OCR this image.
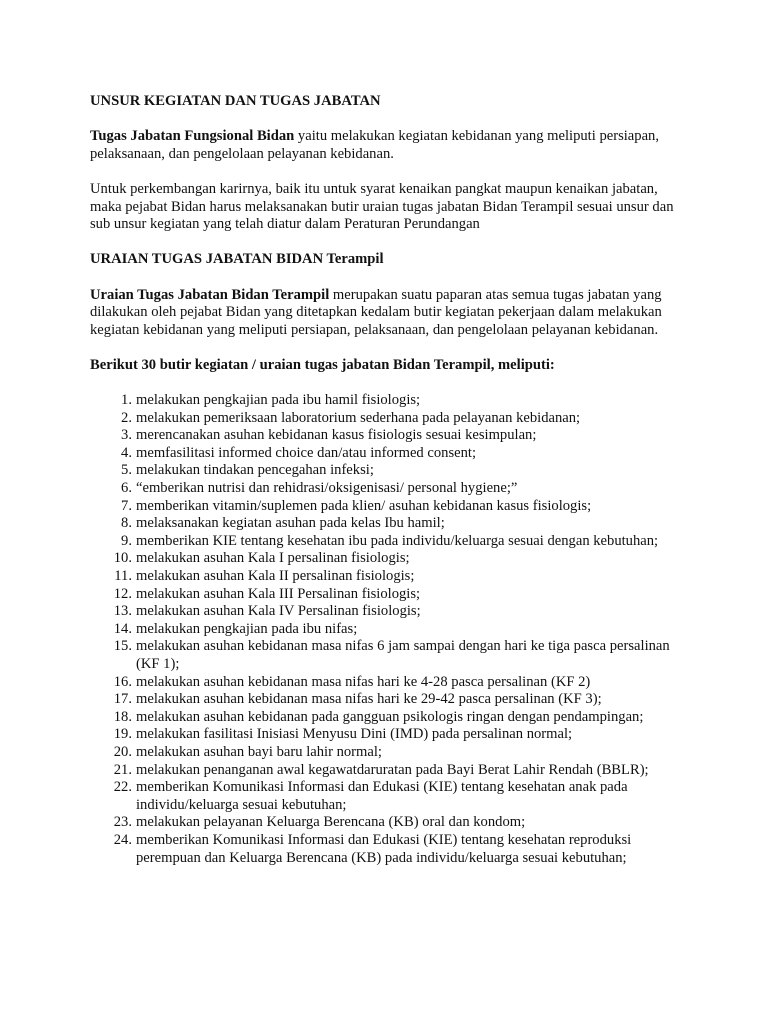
UNSUR KEGIATAN DAN TUGAS JABATAN

Tugas Jabatan Fungsional Bidan yaitu melakukan kegiatan kebidanan yang meliputi persiapan, pelaksanaan, dan pengelolaan pelayanan kebidanan.

Untuk perkembangan karirnya, baik itu untuk syarat kenaikan pangkat maupun kenaikan jabatan, maka pejabat Bidan harus melaksanakan butir uraian tugas jabatan Bidan Terampil sesuai unsur dan sub unsur kegiatan yang telah diatur dalam Peraturan Perundangan

URAIAN TUGAS JABATAN BIDAN Terampil

Uraian Tugas Jabatan Bidan Terampil merupakan suatu paparan atas semua tugas jabatan yang dilakukan oleh pejabat Bidan yang ditetapkan kedalam butir kegiatan pekerjaan dalam melakukan kegiatan kebidanan yang meliputi persiapan, pelaksanaan, dan pengelolaan pelayanan kebidanan.

Berikut 30 butir kegiatan / uraian tugas jabatan Bidan Terampil, meliputi:

1. melakukan pengkajian pada ibu hamil fisiologis;
2. melakukan pemeriksaan laboratorium sederhana pada pelayanan kebidanan;
3. merencanakan asuhan kebidanan kasus fisiologis sesuai kesimpulan;
4. memfasilitasi informed choice dan/atau informed consent;
5. melakukan tindakan pencegahan infeksi;
6. “emberikan nutrisi dan rehidrasi/oksigenisasi/ personal hygiene;”
7. memberikan vitamin/suplemen pada klien/ asuhan kebidanan kasus fisiologis;
8. melaksanakan kegiatan asuhan pada kelas Ibu hamil;
9. memberikan KIE tentang kesehatan ibu pada individu/keluarga sesuai dengan kebutuhan;
10. melakukan asuhan Kala I persalinan fisiologis;
11. melakukan asuhan Kala II persalinan fisiologis;
12. melakukan asuhan Kala III Persalinan fisiologis;
13. melakukan asuhan Kala IV Persalinan fisiologis;
14. melakukan pengkajian pada ibu nifas;
15. melakukan asuhan kebidanan masa nifas 6 jam sampai dengan hari ke tiga pasca persalinan (KF 1);
16. melakukan asuhan kebidanan masa nifas hari ke 4-28 pasca persalinan (KF 2)
17. melakukan asuhan kebidanan masa nifas hari ke 29-42 pasca persalinan (KF 3);
18. melakukan asuhan kebidanan pada gangguan psikologis ringan dengan pendampingan;
19. melakukan fasilitasi Inisiasi Menyusu Dini (IMD) pada persalinan normal;
20. melakukan asuhan bayi baru lahir normal;
21. melakukan penanganan awal kegawatdaruratan pada Bayi Berat Lahir Rendah (BBLR);
22. memberikan Komunikasi Informasi dan Edukasi (KIE) tentang kesehatan anak pada individu/keluarga sesuai kebutuhan;
23. melakukan pelayanan Keluarga Berencana (KB) oral dan kondom;
24. memberikan Komunikasi Informasi dan Edukasi (KIE) tentang kesehatan reproduksi perempuan dan Keluarga Berencana (KB) pada individu/keluarga sesuai kebutuhan;
